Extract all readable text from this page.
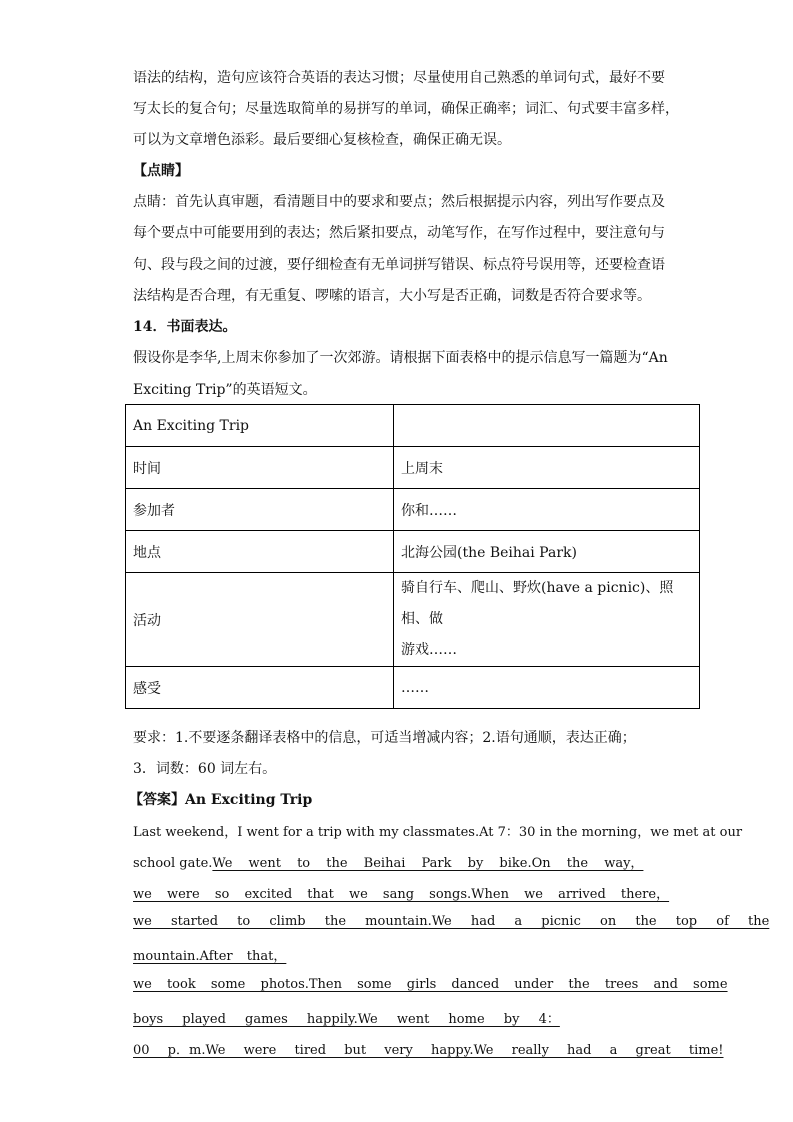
语法的结构，造句应该符合英语的表达习惯；尽量使用自己熟悉的单词句式，最好不要
写太长的复合句；尽量选取简单的易拼写的单词，确保正确率；词汇、句式要丰富多样，
可以为文章增色添彩。最后要细心复核检查，确保正确无误。
【点睛】
点睛：首先认真审题，看清题目中的要求和要点；然后根据提示内容，列出写作要点及
每个要点中可能要用到的表达；然后紧扣要点，动笔写作，在写作过程中，要注意句与
句、段与段之间的过渡，要仔细检查有无单词拼写错误、标点符号误用等，还要检查语
法结构是否合理，有无重复、啰嗦的语言，大小写是否正确，词数是否符合要求等。
14．书面表达。
假设你是李华,上周末你参加了一次郊游。请根据下面表格中的提示信息写一篇题为“An
Exciting Trip”的英语短文。
An Exciting Trip	
时间	上周末
参加者	你和……
地点	北海公园(the Beihai Park)
活动	骑自行车、爬山、野炊(have a picnic)、照相、做
游戏……

感受	……
要求：1.不要逐条翻译表格中的信息，可适当增减内容；2.语句通顺，表达正确；
3．词数：60 词左右。
【答案】An Exciting Trip
Last weekend，I went for a trip with my classmates.At 7：30 in the morning，we met at our
school gate.We went to the Beihai Park by bike.On the way，
we were so excited that we sang songs.When we arrived there，
we started to climb the mountain.We had a picnic on the top of the
mountain.After that，
we took some photos.Then some girls danced under the trees and some
boys played games happily.We went home by 4：
00 p．m.We were tired but very happy.We really had a great time!
